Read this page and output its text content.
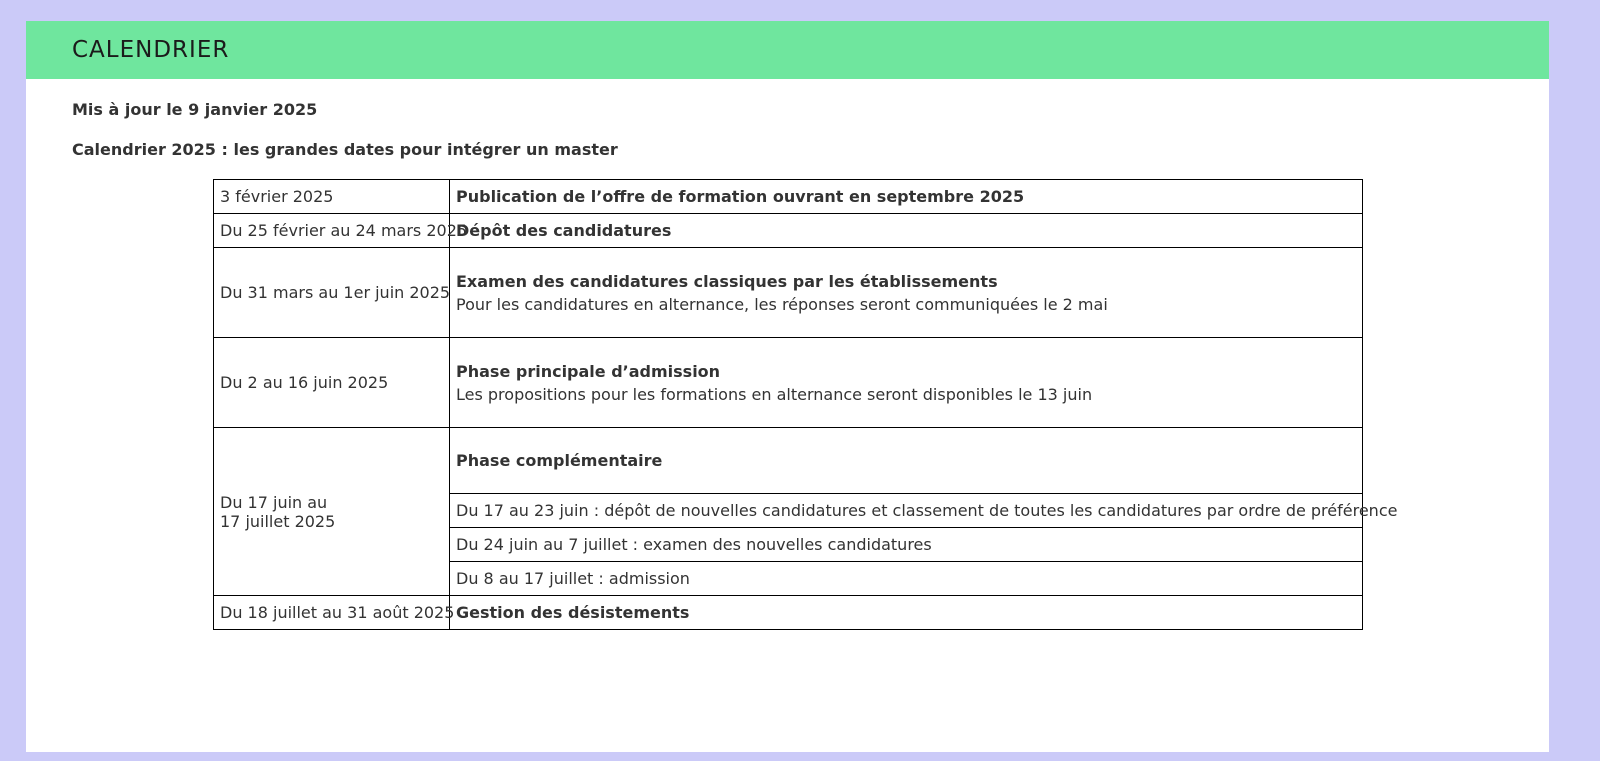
CALENDRIER
Mis à jour le 9 janvier 2025
Calendrier 2025 : les grandes dates pour intégrer un master
3 février 2025	Publication de l’offre de formation ouvrant en septembre 2025
Du 25 février au 24 mars 2025	Dépôt des candidatures
Du 31 mars au 1er juin 2025	Examen des candidatures classiques par les établissements
Pour les candidatures en alternance, les réponses seront communiquées le 2 mai

Du 2 au 16 juin 2025	Phase principale d’admission
Les propositions pour les formations en alternance seront disponibles le 13 juin

Du 17 juin au
17 juillet 2025	Phase complémentaire
	Du 17 au 23 juin : dépôt de nouvelles candidatures et classement de toutes les candidatures par ordre de préférence
	Du 24 juin au 7 juillet : examen des nouvelles candidatures
	Du 8 au 17 juillet : admission
Du 18 juillet au 31 août 2025	Gestion des désistements
